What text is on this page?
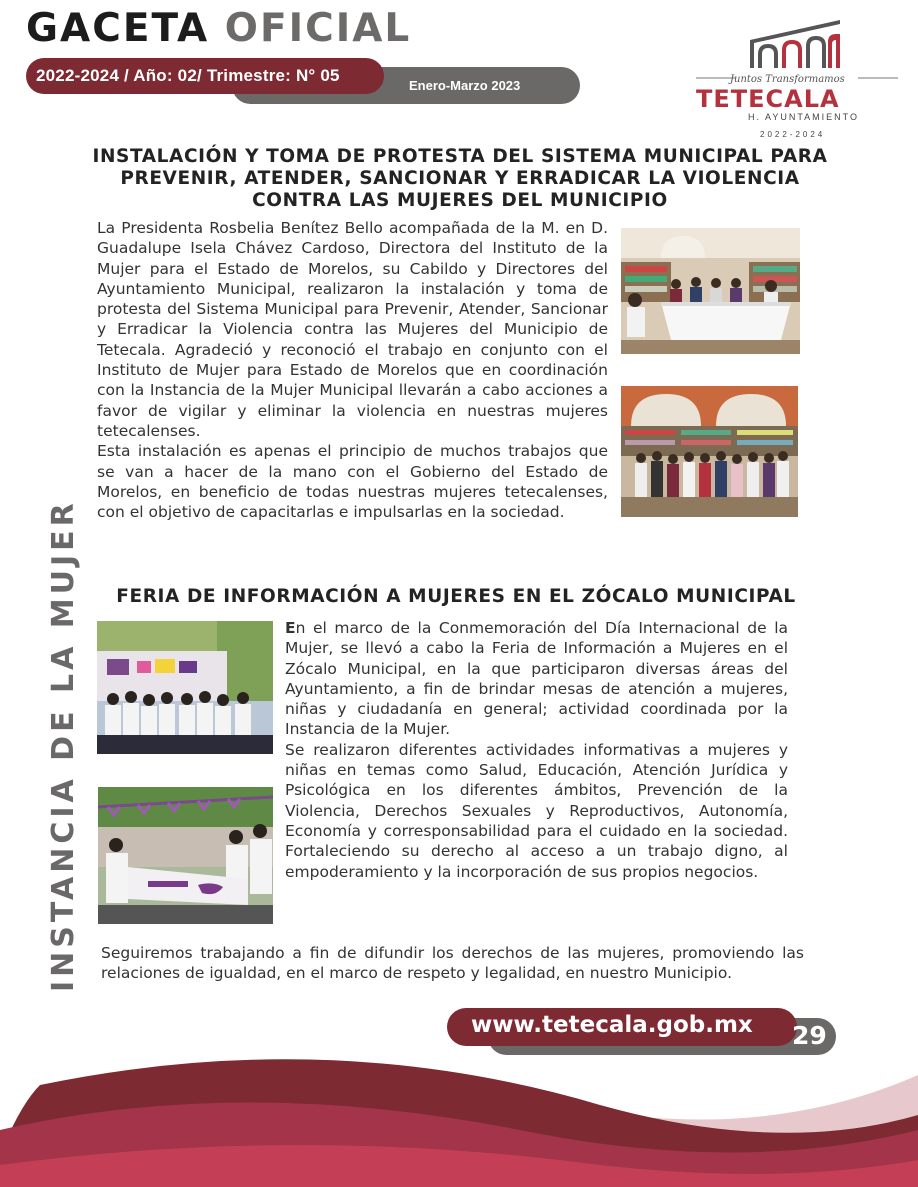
GACETA OFICIAL
Enero-Marzo 2023
2022-2024 / Año: 02/ Trimestre: N° 05	Juntos Transformamos
TETECALA
H. AYUNTAMIENTO
2022-2024
INSTALACIÓN Y TOMA DE PROTESTA DEL SISTEMA MUNICIPAL PARA PREVENIR, ATENDER, SANCIONAR Y ERRADICAR LA VIOLENCIA CONTRA LAS MUJERES DEL MUNICIPIO

La Presidenta Rosbelia Benítez Bello acompañada de la M. en D. Guadalupe Isela Chávez Cardoso, Directora del Instituto de la Mujer para el Estado de Morelos, su Cabildo y Directores del Ayuntamiento Municipal, realizaron la instalación y toma de protesta del Sistema Municipal para Prevenir, Atender, Sancionar y Erradicar la Violencia contra las Mujeres del Municipio de Tetecala. Agradeció y reconoció el trabajo en conjunto con el Instituto de Mujer para Estado de Morelos que en coordinación con la Instancia de la Mujer Municipal llevarán a cabo acciones a favor de vigilar y eliminar la violencia en nuestras mujeres tetecalenses.

Esta instalación es apenas el principio de muchos trabajos que se van a hacer de la mano con el Gobierno del Estado de Morelos, en beneficio de todas nuestras mujeres tetecalenses, con el objetivo de capacitarlas e impulsarlas en la sociedad.

INSTANCIA DE LA MUJER	FERIA DE INFORMACIÓN A MUJERES EN EL ZÓCALO MUNICIPAL

En el marco de la Conmemoración del Día Internacional de la Mujer, se llevó a cabo la Feria de Información a Mujeres en el Zócalo Municipal, en la que participaron diversas áreas del Ayuntamiento, a fin de brindar mesas de atención a mujeres, niñas y ciudadanía en general; actividad coordinada por la Instancia de la Mujer.

Se realizaron diferentes actividades informativas a mujeres y niñas en temas como Salud, Educación, Atención Jurídica y Psicológica en los diferentes ámbitos, Prevención de la Violencia, Derechos Sexuales y Reproductivos, Autonomía, Economía y corresponsabilidad para el cuidado en la sociedad. Fortaleciendo su derecho al acceso a un trabajo digno, al empoderamiento y la incorporación de sus propios negocios.

Seguiremos trabajando a fin de difundir los derechos de las mujeres, promoviendo las relaciones de igualdad, en el marco de respeto y legalidad, en nuestro Municipio.
www.tetecala.gob.mx 29
